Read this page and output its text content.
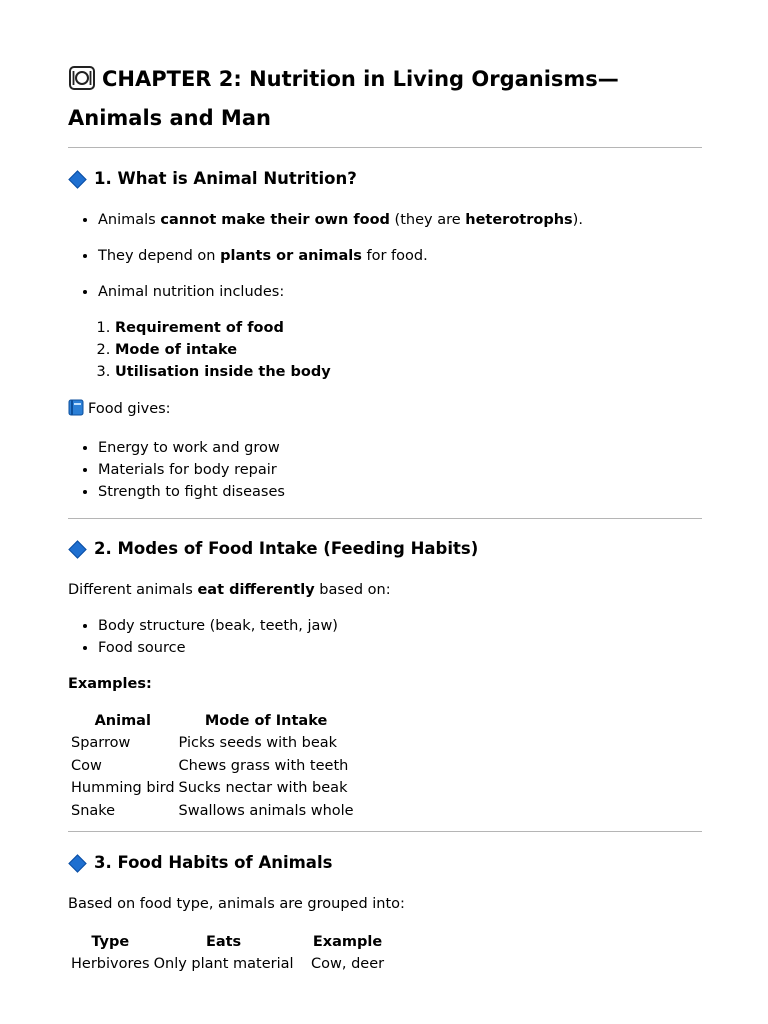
CHAPTER 2: Nutrition in Living Organisms—Animals and Man
1. What is Animal Nutrition?
• Animals cannot make their own food (they are heterotrophs).
• They depend on plants or animals for food.
• Animal nutrition includes:
1. Requirement of food
2. Mode of intake
3. Utilisation inside the body

Food gives:

• Energy to work and grow
• Materials for body repair
• Strength to fight diseases
2. Modes of Food Intake (Feeding Habits)

Different animals eat differently based on:

• Body structure (beak, teeth, jaw)
• Food source

Examples:

Animal	Mode of Intake
Sparrow	Picks seeds with beak
Cow	Chews grass with teeth
Humming bird	Sucks nectar with beak
Snake	Swallows animals whole
3. Food Habits of Animals

Based on food type, animals are grouped into:

Type	Eats	Example
Herbivores	Only plant material	Cow, deer
